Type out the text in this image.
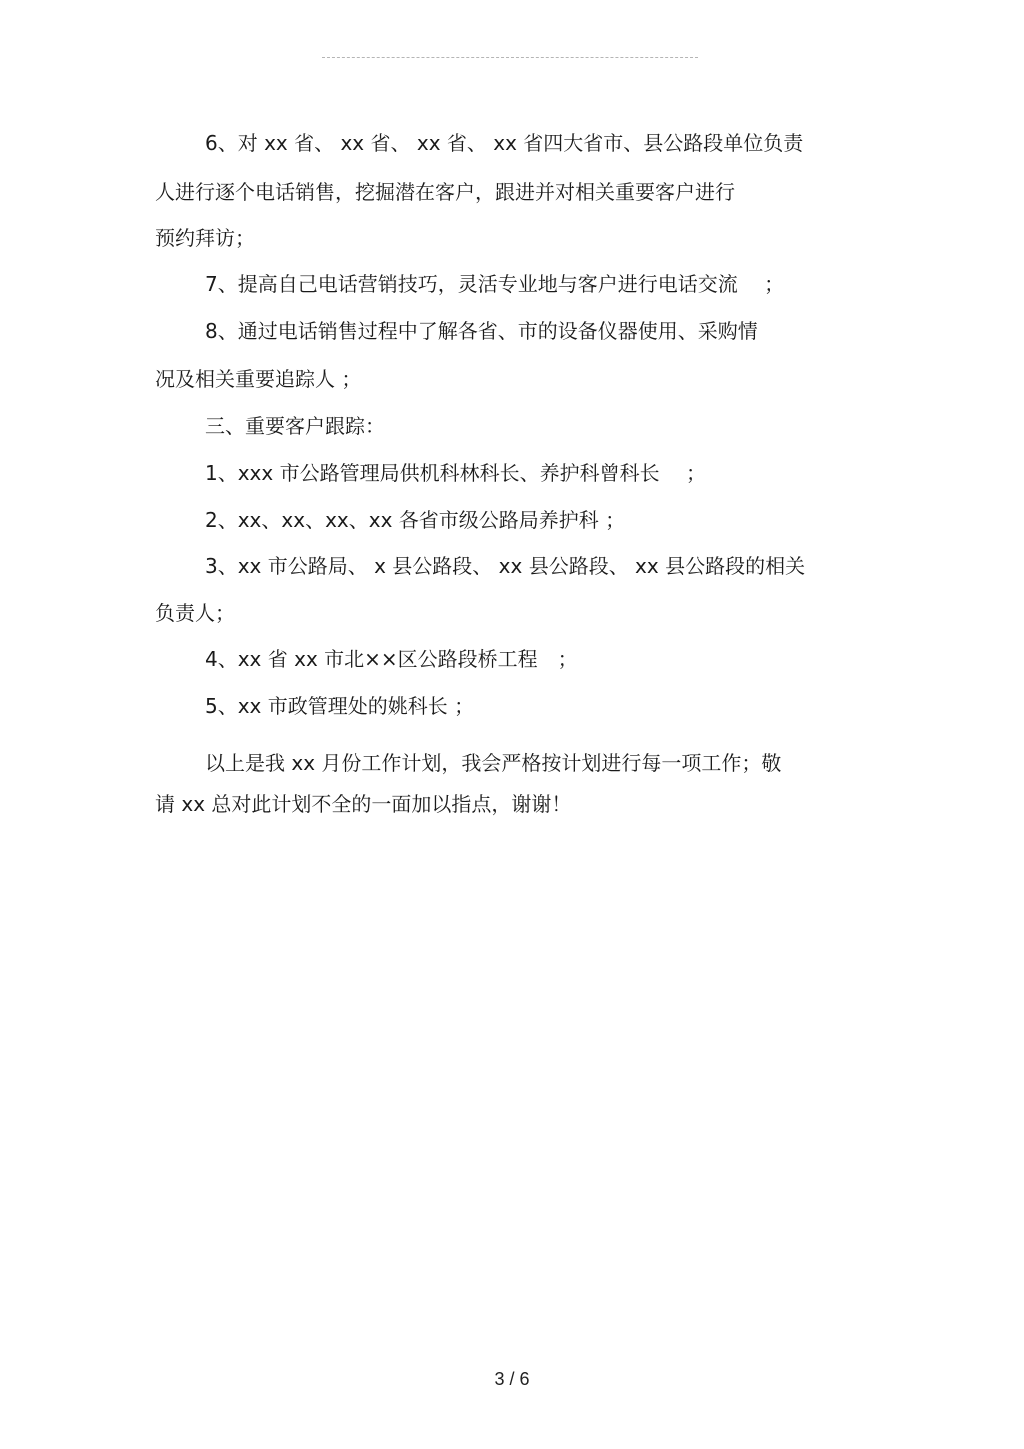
6、对 xx 省、 xx 省、 xx 省、 xx 省四大省市、县公路段单位负责
人进行逐个电话销售，挖掘潜在客户，跟进并对相关重要客户进行
预约拜访；
7、提高自己电话营销技巧，灵活专业地与客户进行电话交流　 ；
8、通过电话销售过程中了解各省、市的设备仪器使用、采购情
况及相关重要追踪人 ；
三、重要客户跟踪：
1、xxx 市公路管理局供机科林科长、养护科曾科长　 ；
2、xx、xx、xx、xx 各省市级公路局养护科 ；
3、xx 市公路局、 x 县公路段、 xx 县公路段、 xx 县公路段的相关
负责人；
4、xx 省 xx 市北××区公路段桥工程　；
5、xx 市政管理处的姚科长 ；
以上是我 xx 月份工作计划，我会严格按计划进行每一项工作；敬
请 xx 总对此计划不全的一面加以指点，谢谢！
3 / 6
